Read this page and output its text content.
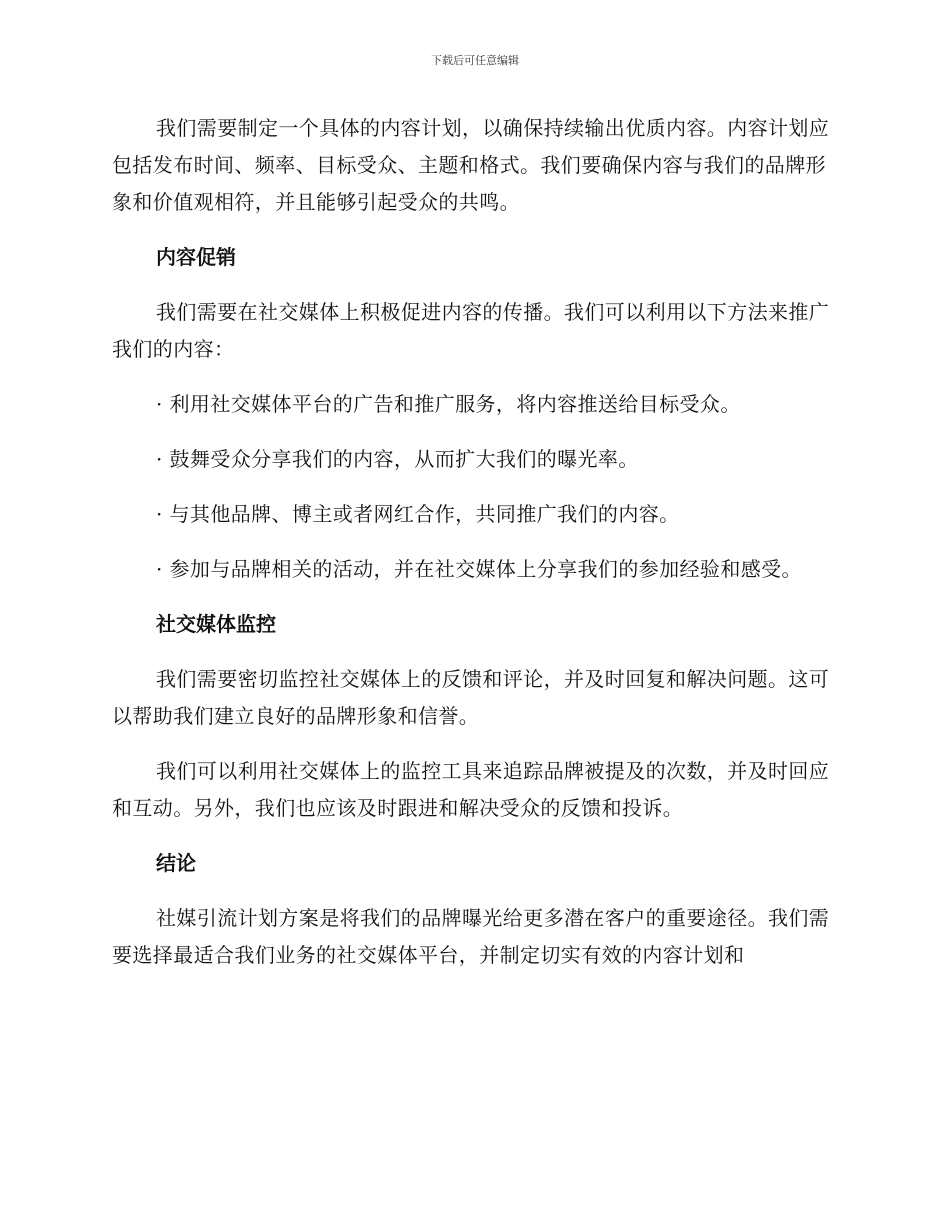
下载后可任意编辑

我们需要制定一个具体的内容计划，以确保持续输出优质内容。内容计划应包括发布时间、频率、目标受众、主题和格式。我们要确保内容与我们的品牌形象和价值观相符，并且能够引起受众的共鸣。

内容促销

我们需要在社交媒体上积极促进内容的传播。我们可以利用以下方法来推广我们的内容：

· 利用社交媒体平台的广告和推广服务，将内容推送给目标受众。

· 鼓舞受众分享我们的内容，从而扩大我们的曝光率。

· 与其他品牌、博主或者网红合作，共同推广我们的内容。

· 参加与品牌相关的活动，并在社交媒体上分享我们的参加经验和感受。

社交媒体监控

我们需要密切监控社交媒体上的反馈和评论，并及时回复和解决问题。这可以帮助我们建立良好的品牌形象和信誉。

我们可以利用社交媒体上的监控工具来追踪品牌被提及的次数，并及时回应和互动。另外，我们也应该及时跟进和解决受众的反馈和投诉。

结论

社媒引流计划方案是将我们的品牌曝光给更多潜在客户的重要途径。我们需要选择最适合我们业务的社交媒体平台，并制定切实有效的内容计划和
